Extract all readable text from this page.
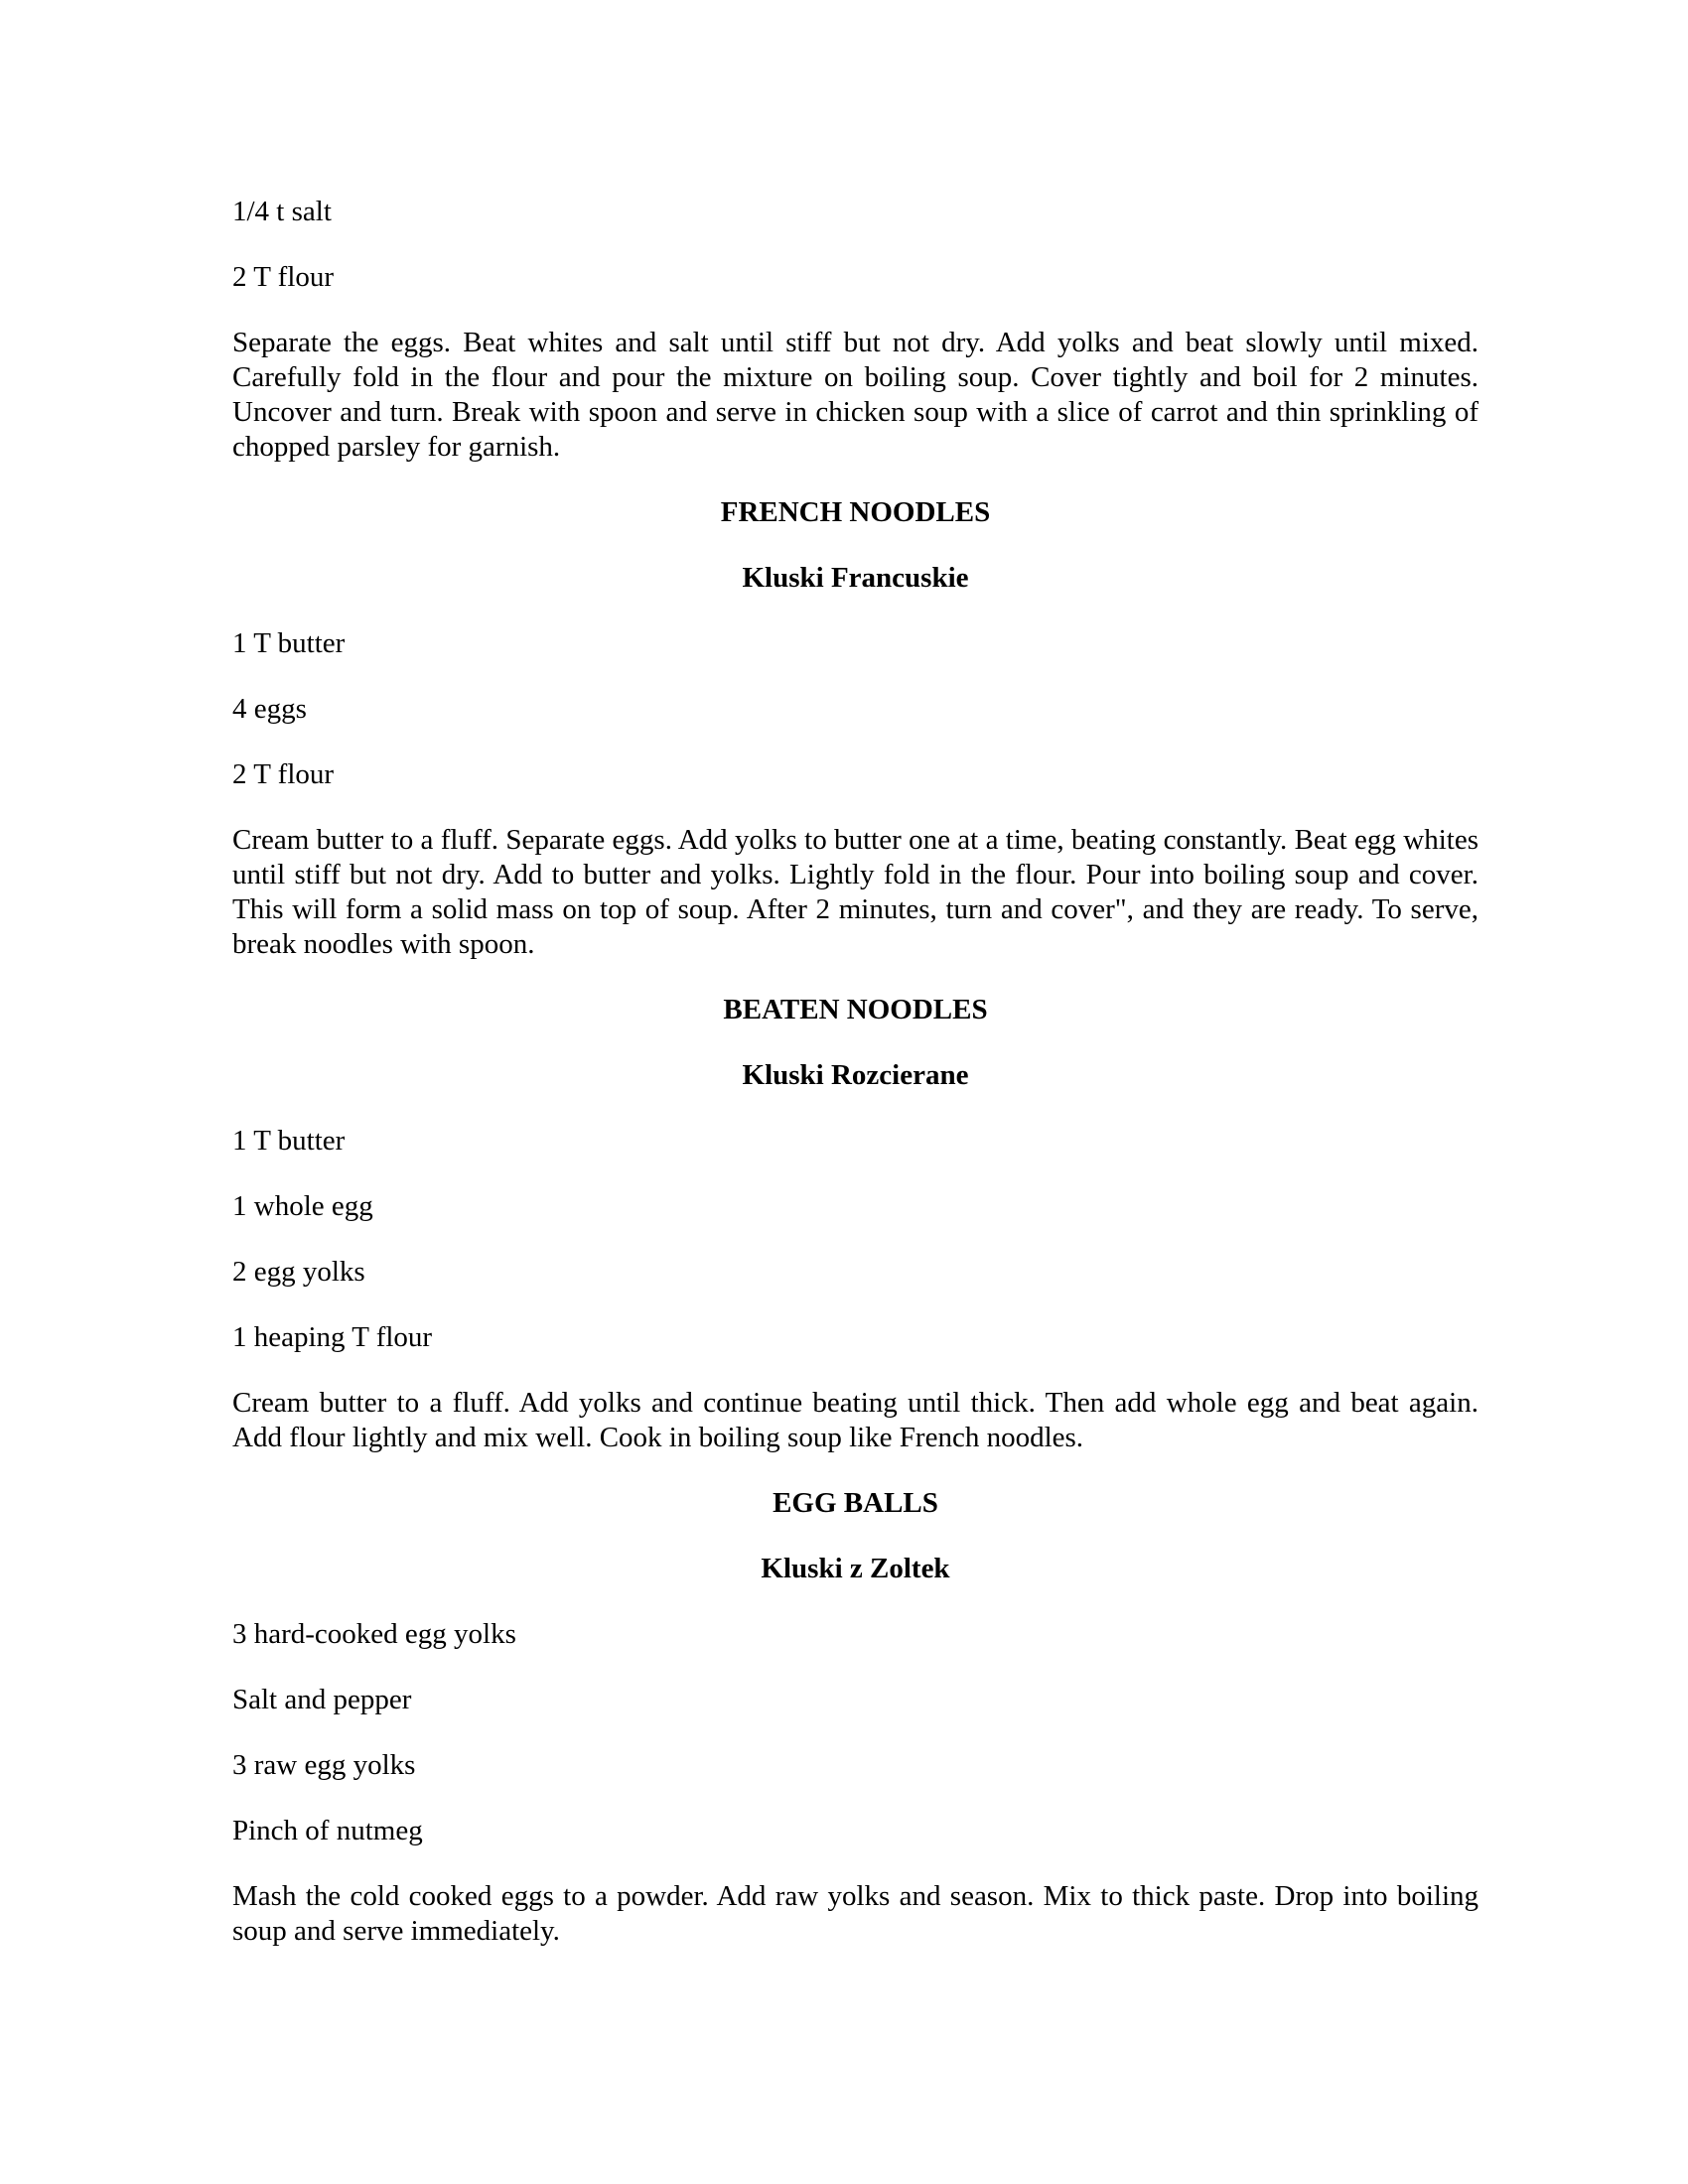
1/4 t salt
2 T flour
Separate the eggs. Beat whites and salt until stiff but not dry. Add yolks and beat slowly until mixed. Carefully fold in the flour and pour the mixture on boiling soup. Cover tightly and boil for 2 minutes. Uncover and turn. Break with spoon and serve in chicken soup with a slice of carrot and thin sprinkling of chopped parsley for garnish.
FRENCH NOODLES
Kluski Francuskie
1 T butter
4 eggs
2 T flour
Cream butter to a fluff. Separate eggs. Add yolks to butter one at a time, beating constantly. Beat egg whites until stiff but not dry. Add to butter and yolks. Lightly fold in the flour. Pour into boiling soup and cover. This will form a solid mass on top of soup. After 2 minutes, turn and cover", and they are ready. To serve, break noodles with spoon.
BEATEN NOODLES
Kluski Rozcierane
1 T butter
1 whole egg
2 egg yolks
1 heaping T flour
Cream butter to a fluff. Add yolks and continue beating until thick. Then add whole egg and beat again. Add flour lightly and mix well. Cook in boiling soup like French noodles.
EGG BALLS
Kluski z Zoltek
3 hard-cooked egg yolks
Salt and pepper
3 raw egg yolks
Pinch of nutmeg
Mash the cold cooked eggs to a powder. Add raw yolks and season. Mix to thick paste. Drop into boiling soup and serve immediately.
